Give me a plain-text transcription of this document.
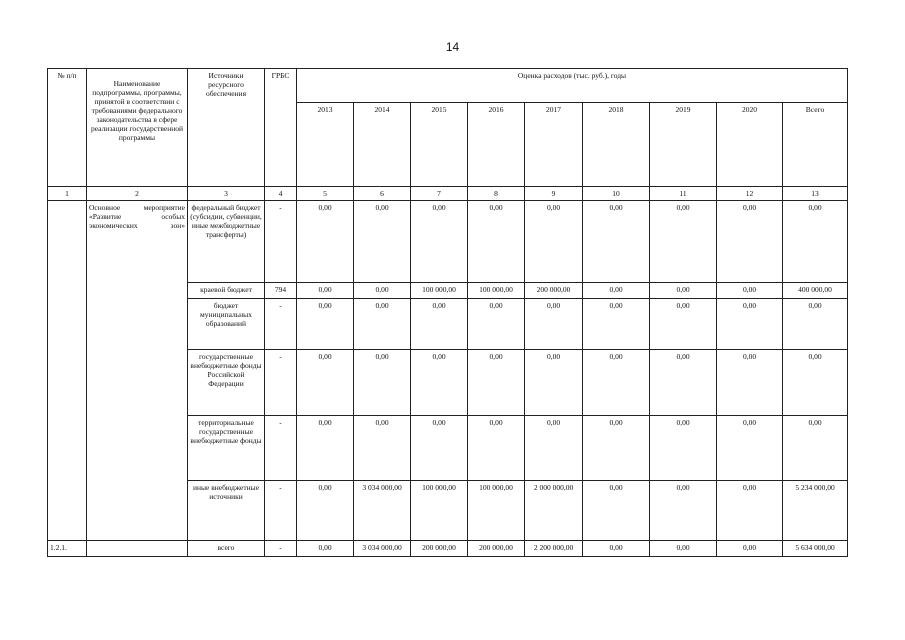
14
№ п/п	Наименование подпрограммы, программы, принятой в соответствии с требованиями федерального законодательства в сфере реализации государственной программы	Источники ресурсного обеспечения	ГРБС	Оценка расходов (тыс. руб.), годы								
				2013	2014	2015	2016	2017	2018	2019	2020	Всего
1	2	3	4	5	6	7	8	9	10	11	12	13
	Основное мероприятие «Развитие особых экономических зон»	федеральный бюджет (субсидии, субвенции, иные межбюджетные трансферты)	-	0,00	0,00	0,00	0,00	0,00	0,00	0,00	0,00	0,00
		краевой бюджет	794	0,00	0,00	100 000,00	100 000,00	200 000,00	0,00	0,00	0,00	400 000,00
		бюджет муниципальных образований	-	0,00	0,00	0,00	0,00	0,00	0,00	0,00	0,00	0,00
		государственные внебюджетные фонды Российской Федерации	-	0,00	0,00	0,00	0,00	0,00	0,00	0,00	0,00	0,00
		территориальные государственные внебюджетные фонды	-	0,00	0,00	0,00	0,00	0,00	0,00	0,00	0,00	0,00
		иные внебюджетные источники	-	0,00	3 034 000,00	100 000,00	100 000,00	2 000 000,00	0,00	0,00	0,00	5 234 000,00
1.2.1.		всего	-	0,00	3 034 000,00	200 000,00	200 000,00	2 200 000,00	0,00	0,00	0,00	5 634 000,00
